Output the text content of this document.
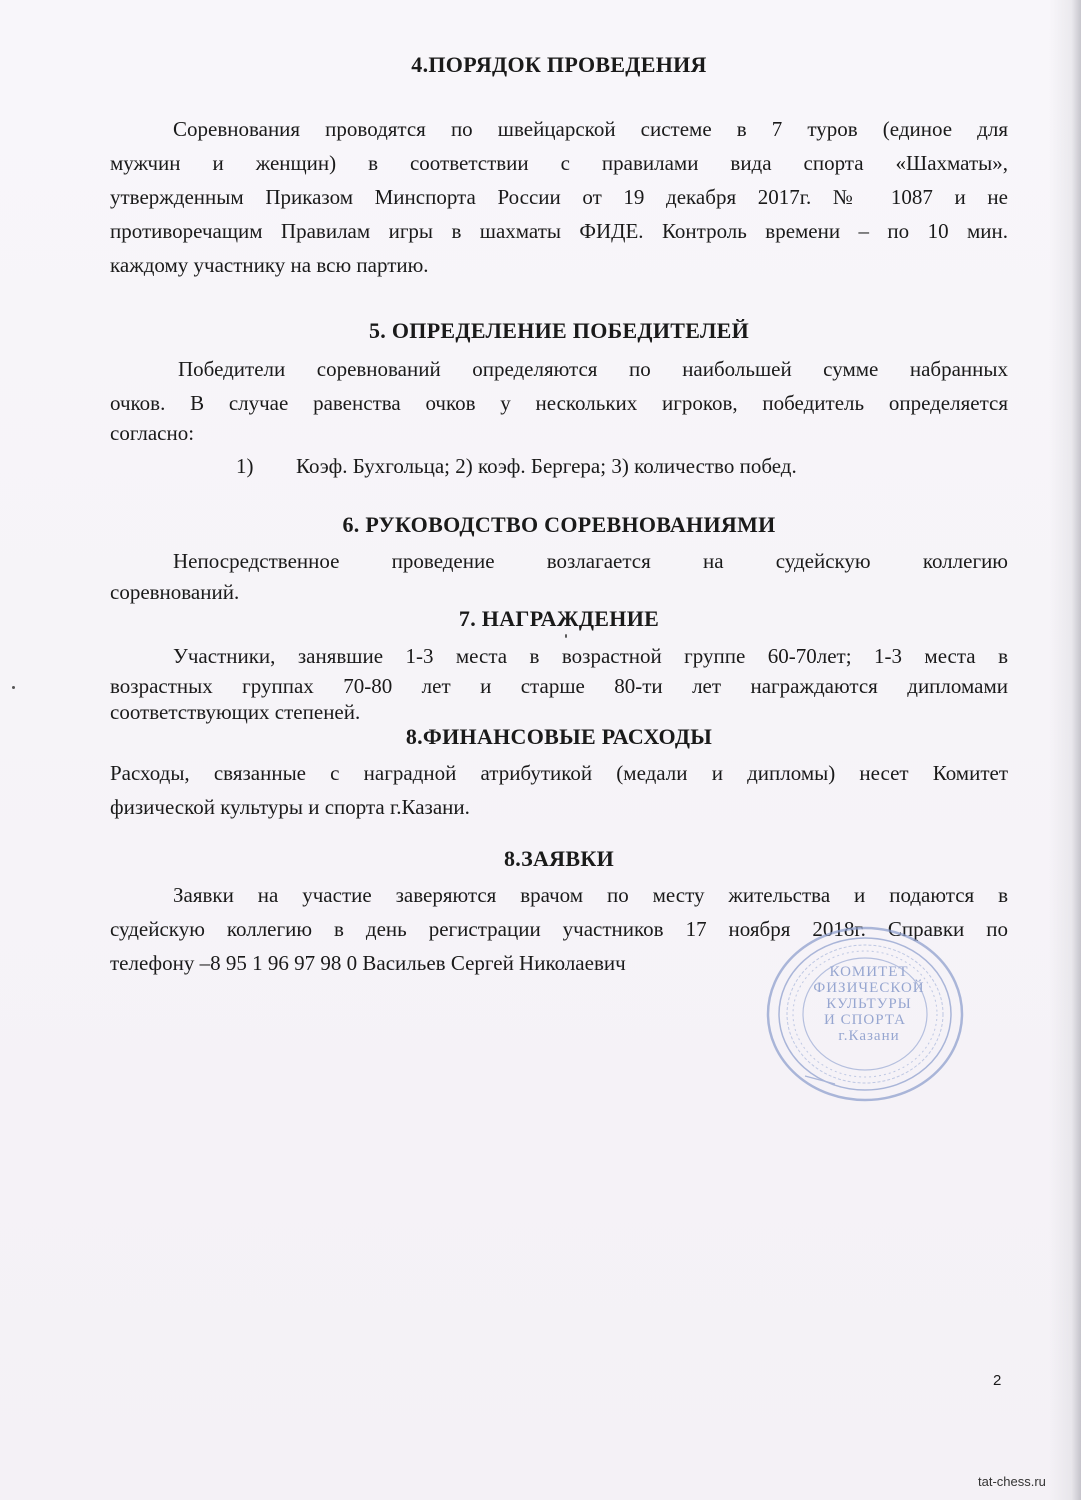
4.ПОРЯДОК ПРОВЕДЕНИЯ
Соревнования проводятся по швейцарской системе в 7 туров (единое для
мужчин и женщин) в соответствии с правилами вида спорта «Шахматы»,
утвержденным Приказом Минспорта России от 19 декабря 2017г. № 1087 и не
противоречащим Правилам игры в шахматы ФИДЕ. Контроль времени – по 10 мин.
каждому участнику на всю партию.
5. ОПРЕДЕЛЕНИЕ ПОБЕДИТЕЛЕЙ
Победители соревнований определяются по наибольшей сумме набранных
очков. В случае равенства очков у нескольких игроков, победитель определяется
согласно:
1) Коэф. Бухгольца; 2) коэф. Бергера; 3) количество побед.
6. РУКОВОДСТВО СОРЕВНОВАНИЯМИ
Непосредственное проведение возлагается на судейскую коллегию
соревнований.
7. НАГРАЖДЕНИЕ
Участники, занявшие 1-3 места в возрастной группе 60-70лет; 1-3 места в
возрастных группах 70-80 лет и старше 80-ти лет награждаются дипломами
соответствующих степеней.
8.ФИНАНСОВЫЕ РАСХОДЫ
Расходы, связанные с наградной атрибутикой (медали и дипломы) несет Комитет
физической культуры и спорта г.Казани.
8.ЗАЯВКИ
Заявки на участие заверяются врачом по месту жительства и подаются в
судейскую коллегию в день регистрации участников 17 ноября 2018г. Справки по
телефону –8 95 1 96 97 98 0 Васильев Сергей Николаевич	КОМИТЕТ
ФИЗИЧЕСКОЙ
КУЛЬТУРЫ
И СПОРТА
г.Казани
2
tat-chess.ru
